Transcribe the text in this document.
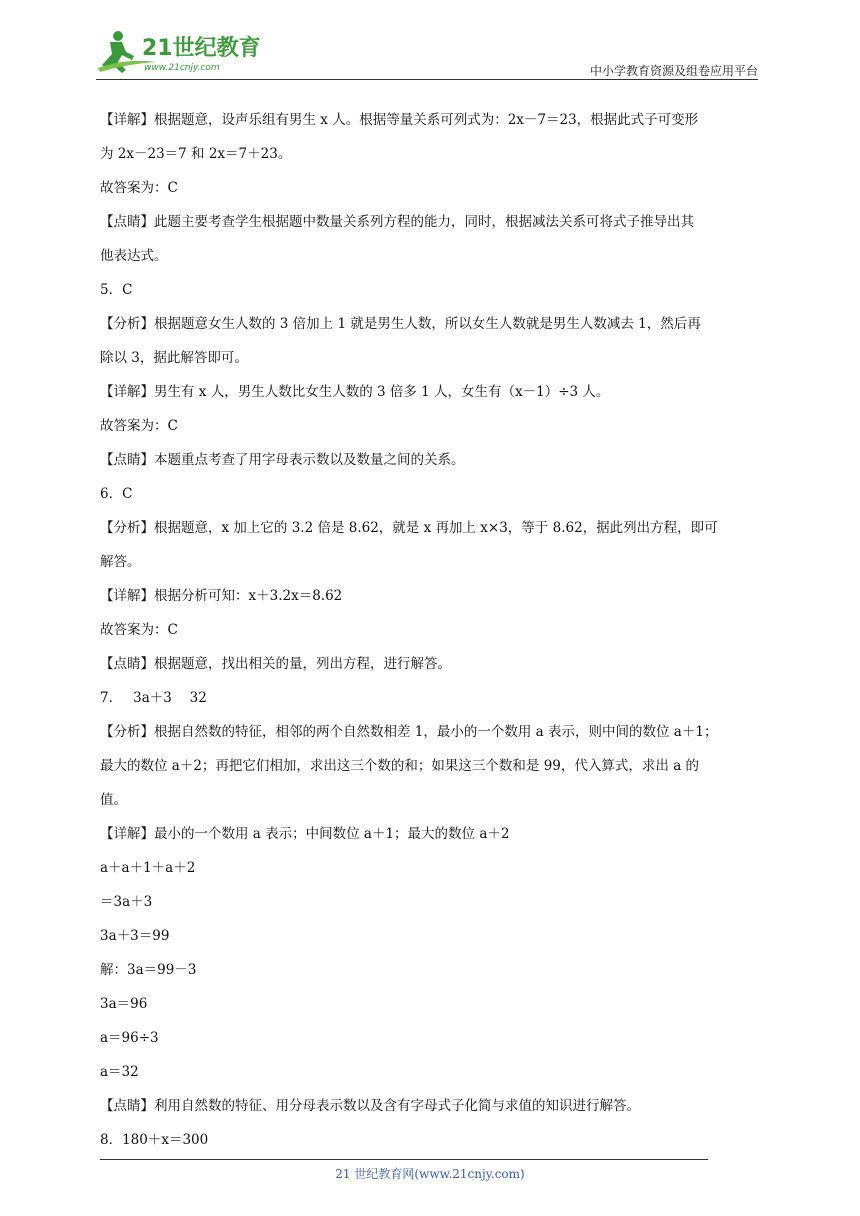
21世纪教育
www.21cnjy.com	中小学教育资源及组卷应用平台
【详解】根据题意，设声乐组有男生 x 人。根据等量关系可列式为：2x－7＝23，根据此式子可变形
为 2x－23＝7 和 2x＝7＋23。
故答案为：C
【点睛】此题主要考查学生根据题中数量关系列方程的能力，同时，根据减法关系可将式子推导出其
他表达式。
5．C
【分析】根据题意女生人数的 3 倍加上 1 就是男生人数，所以女生人数就是男生人数减去 1，然后再
除以 3，据此解答即可。
【详解】男生有 x 人，男生人数比女生人数的 3 倍多 1 人，女生有（x－1）÷3 人。
故答案为：C
【点睛】本题重点考查了用字母表示数以及数量之间的关系。
6．C
【分析】根据题意，x 加上它的 3.2 倍是 8.62，就是 x 再加上 x×3，等于 8.62，据此列出方程，即可
解答。
【详解】根据分析可知：x＋3.2x＝8.62
故答案为：C
【点睛】根据题意，找出相关的量，列出方程，进行解答。
7．　 3a＋3　 32
【分析】根据自然数的特征，相邻的两个自然数相差 1，最小的一个数用 a 表示，则中间的数位 a＋1；
最大的数位 a＋2；再把它们相加，求出这三个数的和；如果这三个数和是 99，代入算式，求出 a 的
值。
【详解】最小的一个数用 a 表示；中间数位 a＋1；最大的数位 a＋2
a＋a＋1＋a＋2
＝3a＋3
3a＋3＝99
解：3a＝99－3
3a＝96
a＝96÷3
a＝32
【点睛】利用自然数的特征、用分母表示数以及含有字母式子化简与求值的知识进行解答。
8．180＋x＝300
21 世纪教育网(www.21cnjy.com)
